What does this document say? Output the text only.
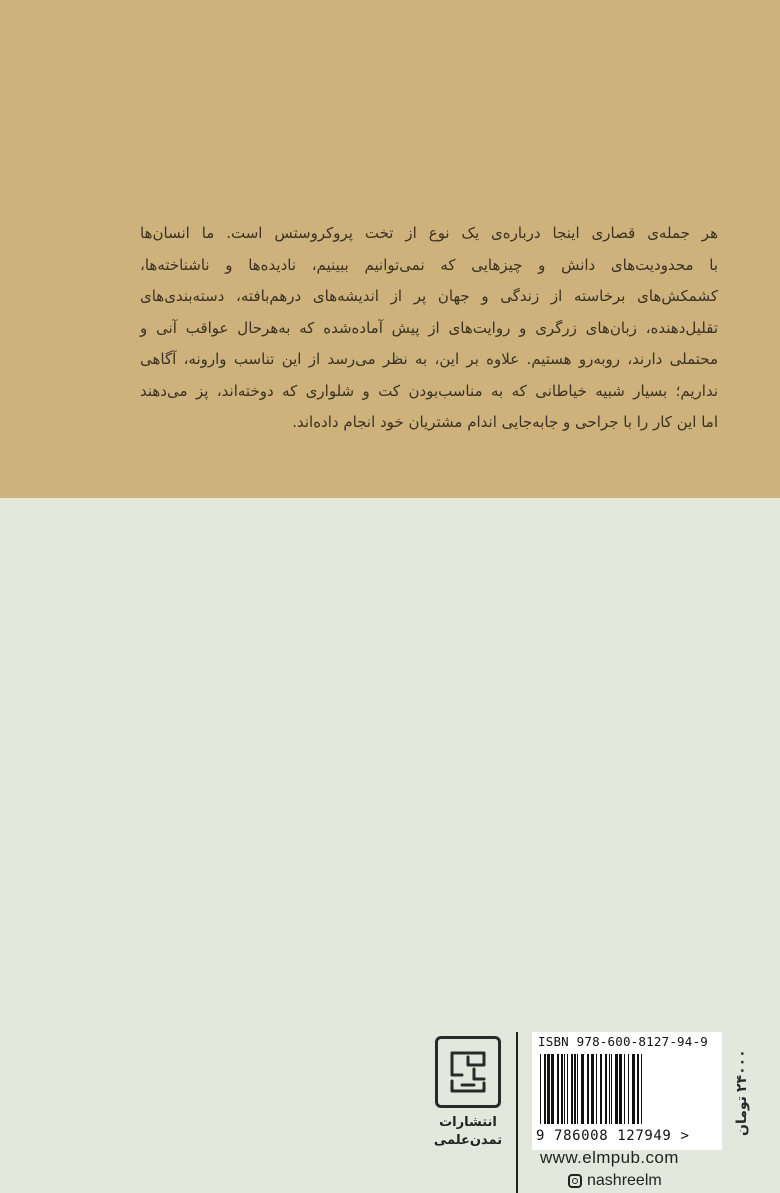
هر جمله‌ی قصاری اینجا درباره‌ی یک نوع از تخت پروکروستس است. ما انسان‌ها
با محدودیت‌های دانش و چیزهایی که نمی‌توانیم ببینیم، نادیده‌ها و ناشناخته‌ها،
کشمکش‌های برخاسته از زندگی و جهان پر از اندیشه‌های درهم‌بافته، دسته‌بندی‌های
تقلیل‌دهنده، زبان‌های زرگری و روایت‌های از پیش آماده‌شده که به‌هرحال عواقب آنی و
محتملی دارند، روبه‌رو هستیم. علاوه بر این، به نظر می‌رسد از این تناسب وارونه، آگاهی
نداریم؛ بسیار شبیه خیاطانی که به مناسب‌بودن کت و شلواری که دوخته‌اند، پز می‌دهند
اما این کار را با جراحی و جابه‌جایی اندام مشتریان خود انجام داده‌اند.
انتشارات
تمدن‌علمی
ISBN 978-600-8127-94-9
9 786008 127949 >
۲۴۰۰۰
تومان
www.elmpub.com
nashreelm
